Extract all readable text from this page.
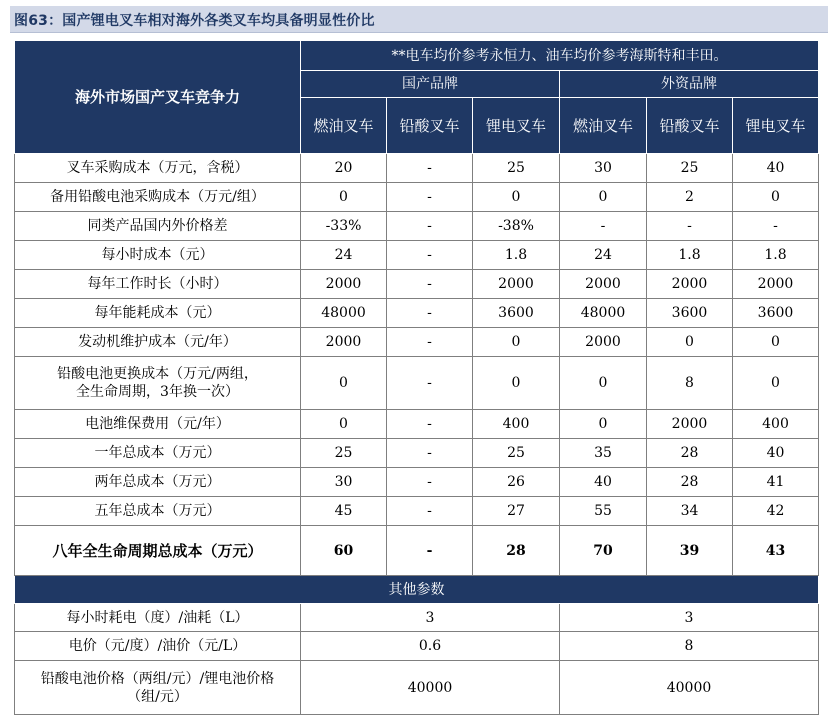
图63：国产锂电叉车相对海外各类叉车均具备明显性价比
海外市场国产叉车竞争力	**电车均价参考永恒力、油车均价参考海斯特和丰田。					
	国产品牌			外资品牌		
	燃油叉车	铅酸叉车	锂电叉车	燃油叉车	铅酸叉车	锂电叉车
叉车采购成本（万元，含税）	20	-	25	30	25	40
备用铅酸电池采购成本（万元/组）	0	-	0	0	2	0
同类产品国内外价格差	-33%	-	-38%	-	-	-
每小时成本（元）	24	-	1.8	24	1.8	1.8
每年工作时长（小时）	2000	-	2000	2000	2000	2000
每年能耗成本（元）	48000	-	3600	48000	3600	3600
发动机维护成本（元/年）	2000	-	0	2000	0	0

铅酸电池更换成本（万元/两组，
全生命周期，3年换一次）	0	-	0	0	8	0
电池维保费用（元/年）	0	-	400	0	2000	400
一年总成本（万元）	25	-	25	35	28	40
两年总成本（万元）	30	-	26	40	28	41
五年总成本（万元）	45	-	27	55	34	42
八年全生命周期总成本（万元）	60	-	28	70	39	43
其他参数						
每小时耗电（度）/油耗（L）	3			3		
电价（元/度）/油价（元/L）	0.6			8		

铅酸电池价格（两组/元）/锂电池价格
（组/元）	40000			40000		
